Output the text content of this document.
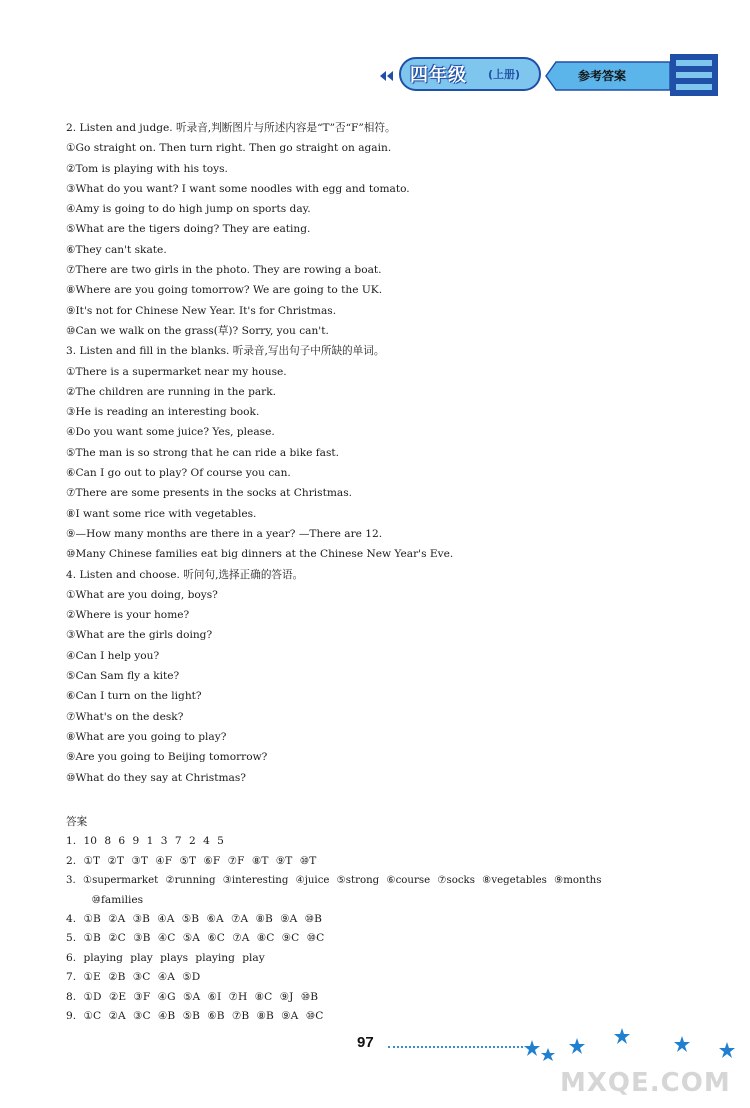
四年级 (上册)	参考答案
2. Listen and judge. 听录音,判断图片与所述内容是“T”否“F”相符。
①Go straight on. Then turn right. Then go straight on again.
②Tom is playing with his toys.
③What do you want? I want some noodles with egg and tomato.
④Amy is going to do high jump on sports day.
⑤What are the tigers doing? They are eating.
⑥They can't skate.
⑦There are two girls in the photo. They are rowing a boat.
⑧Where are you going tomorrow? We are going to the UK.
⑨It's not for Chinese New Year. It's for Christmas.
⑩Can we walk on the grass(草)? Sorry, you can't.
3. Listen and fill in the blanks. 听录音,写出句子中所缺的单词。
①There is a supermarket near my house.
②The children are running in the park.
③He is reading an interesting book.
④Do you want some juice? Yes, please.
⑤The man is so strong that he can ride a bike fast.
⑥Can I go out to play? Of course you can.
⑦There are some presents in the socks at Christmas.
⑧I want some rice with vegetables.
⑨—How many months are there in a year? —There are 12.
⑩Many Chinese families eat big dinners at the Chinese New Year's Eve.
4. Listen and choose. 听问句,选择正确的答语。
①What are you doing, boys?
②Where is your home?
③What are the girls doing?
④Can I help you?
⑤Can Sam fly a kite?
⑥Can I turn on the light?
⑦What's on the desk?
⑧What are you going to play?
⑨Are you going to Beijing tomorrow?
⑩What do they say at Christmas?
答案
1. 10 8 6 9 1 3 7 2 4 5
2. ①T ②T ③T ④F ⑤T ⑥F ⑦F ⑧T ⑨T ⑩T
3. ①supermarket ②running ③interesting ④juice ⑤strong ⑥course ⑦socks ⑧vegetables ⑨months
⑩families
4. ①B ②A ③B ④A ⑤B ⑥A ⑦A ⑧B ⑨A ⑩B
5. ①B ②C ③B ④C ⑤A ⑥C ⑦A ⑧C ⑨C ⑩C
6. playing play plays playing play
7. ①E ②B ③C ④A ⑤D
8. ①D ②E ③F ④G ⑤A ⑥I ⑦H ⑧C ⑨J ⑩B
9. ①C ②A ③C ④B ⑤B ⑥B ⑦B ⑧B ⑨A ⑩C
97
MXQE.COM
